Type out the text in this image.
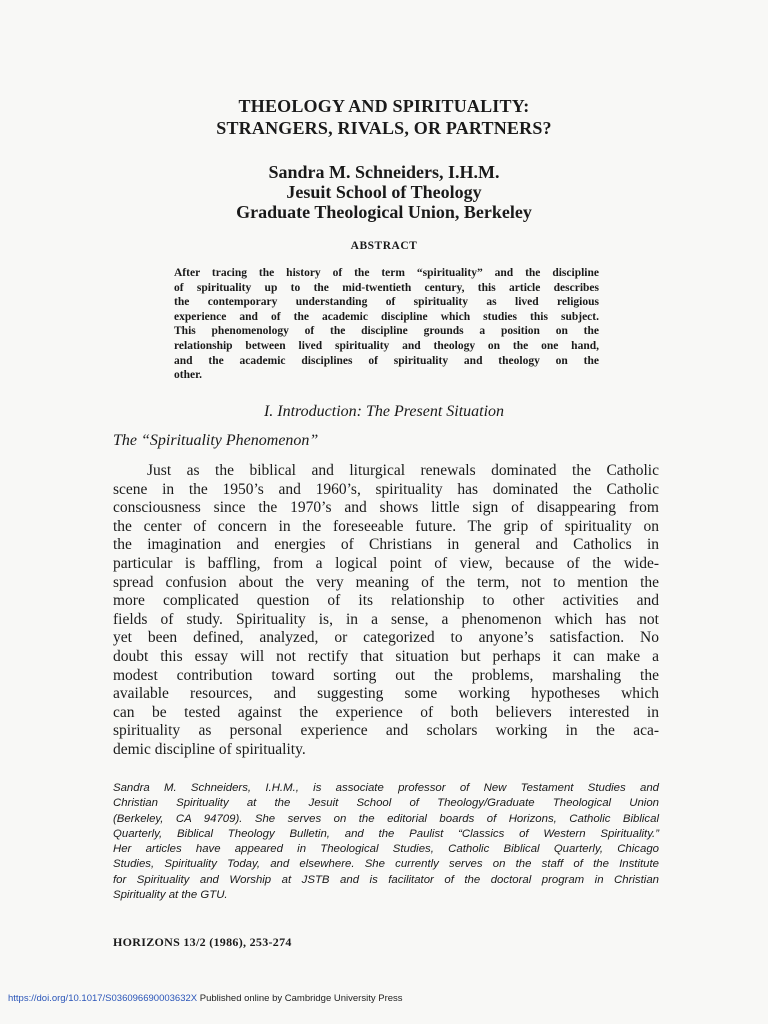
THEOLOGY AND SPIRITUALITY:
STRANGERS, RIVALS, OR PARTNERS?
Sandra M. Schneiders, I.H.M.
Jesuit School of Theology
Graduate Theological Union, Berkeley
ABSTRACT
After tracing the history of the term “spirituality” and the discipline
of spirituality up to the mid-twentieth century, this article describes
the contemporary understanding of spirituality as lived religious
experience and of the academic discipline which studies this subject.
This phenomenology of the discipline grounds a position on the
relationship between lived spirituality and theology on the one hand,
and the academic disciplines of spirituality and theology on the
other.
I. Introduction: The Present Situation
The “Spirituality Phenomenon”
Just as the biblical and liturgical renewals dominated the Catholic
scene in the 1950’s and 1960’s, spirituality has dominated the Catholic
consciousness since the 1970’s and shows little sign of disappearing from
the center of concern in the foreseeable future. The grip of spirituality on
the imagination and energies of Christians in general and Catholics in
particular is baffling, from a logical point of view, because of the wide-
spread confusion about the very meaning of the term, not to mention the
more complicated question of its relationship to other activities and
fields of study. Spirituality is, in a sense, a phenomenon which has not
yet been defined, analyzed, or categorized to anyone’s satisfaction. No
doubt this essay will not rectify that situation but perhaps it can make a
modest contribution toward sorting out the problems, marshaling the
available resources, and suggesting some working hypotheses which
can be tested against the experience of both believers interested in
spirituality as personal experience and scholars working in the aca-
demic discipline of spirituality.
Sandra M. Schneiders, I.H.M., is associate professor of New Testament Studies and
Christian Spirituality at the Jesuit School of Theology/Graduate Theological Union
(Berkeley, CA 94709). She serves on the editorial boards of Horizons, Catholic Biblical
Quarterly, Biblical Theology Bulletin, and the Paulist “Classics of Western Spirituality.”
Her articles have appeared in Theological Studies, Catholic Biblical Quarterly, Chicago
Studies, Spirituality Today, and elsewhere. She currently serves on the staff of the Institute
for Spirituality and Worship at JSTB and is facilitator of the doctoral program in Christian
Spirituality at the GTU.
HORIZONS 13/2 (1986), 253-274
https://doi.org/10.1017/S036096690003632X Published online by Cambridge University Press
